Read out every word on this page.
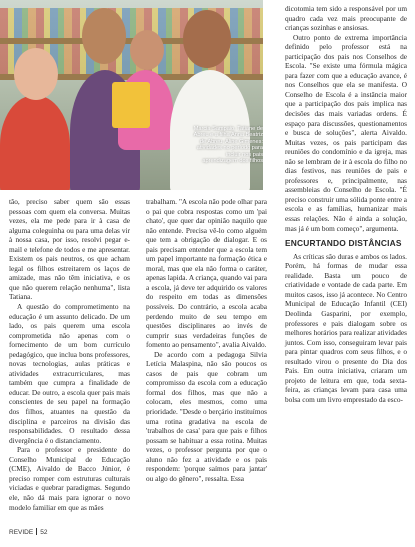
Marcia Sampaio, Tatiane de Abreu e a filha Anna Beatriz de Abreu, Aline Gimenes: atividades no período para incluir nos pais aprendizagem dos filhos

tão, preciso saber quem são essas pessoas com quem ela conversa. Muitas vezes, ela me pede para ir à casa de alguma coleguinha ou para uma delas vir à nossa casa, por isso, resolvi pegar e-mail e telefone de todos e me apresentar. Existem os pais neutros, os que acham legal os filhos estreitarem os laços de amizade, mas não têm iniciativa, e os que não querem relação nenhuma", lista Tatiana.

A questão do comprometimento na educação é um assunto delicado. De um lado, os pais querem uma escola comprometida não apenas com o fornecimento de um bom currículo pedagógico, que inclua bons professores, novas tecnologias, aulas práticas e atividades extracurriculares, mas também que cumpra a finalidade de educar. De outro, a escola quer pais mais conscientes de seu papel na formação dos filhos, atuantes na questão da disciplina e parceiros na divisão das responsabilidades. O resultado dessa divergência é o distanciamento.

Para o professor e presidente do Conselho Municipal de Educação (CME), Aivaldo de Bacco Júnior, é preciso romper com estruturas culturais viciadas e quebrar paradigmas. Segundo ele, não dá mais para ignorar o novo modelo familiar em que as mães

trabalham. "A escola não pode olhar para o pai que cobra respostas como um 'pai chato', que quer dar opinião naquilo que não entende. Precisa vê-lo como alguém que tem a obrigação de dialogar. E os pais precisam entender que a escola tem um papel importante na formação ética e moral, mas que ela não forma o caráter, apenas lapida. A criança, quando vai para a escola, já deve ter adquirido os valores do respeito em todas as dimensões possíveis. Do contrário, a escola acaba perdendo muito de seu tempo em questões disciplinares ao invés de cumprir suas verdadeiras funções de fomento ao pensamento", avalia Aivaldo.

De acordo com a pedagoga Silvia Letícia Malaspina, não são poucos os casos de pais que cobram um compromisso da escola com a educação formal dos filhos, mas que não a colocam, eles mesmos, como uma prioridade. "Desde o berçário instituímos uma rotina gradativa na escola de 'trabalhos de casa' para que pais e filhos possam se habituar a essa rotina. Muitas vezes, o professor pergunta por que o aluno não fez a atividade e os pais respondem: 'porque saímos para jantar' ou algo do gênero", ressalta. Essa

dicotomia tem sido a responsável por um quadro cada vez mais preocupante de crianças sozinhas e ansiosas.

Outro ponto de extrema importância definido pelo professor está na participação dos pais nos Conselhos de Escola. "Se existe uma fórmula mágica para fazer com que a educação avance, é nos Conselhos que ela se manifesta. O Conselho de Escola é a instância maior que a participação dos pais implica nas decisões das mais variadas ordens. É espaço para discussões, questionamentos e busca de soluções", alerta Aivaldo. Muitas vezes, os pais participam das reuniões do condomínio e da igreja, mas não se lembram de ir à escola do filho no dias festivos, nas reuniões de pais e professores e, principalmente, nas assembleias do Conselho de Escola. "É preciso construir uma sólida ponte entre a escola e as famílias, humanizar mais essas relações. Não é ainda a solução, mas já é um bom começo", argumenta.

ENCURTANDO DISTÂNCIAS

As críticas são duras e ambos os lados. Porém, há formas de mudar essa realidade. Basta um pouco de criatividade e vontade de cada parte. Em muitos casos, isso já acontece. No Centro Municipal de Educação Infantil (CEI) Deolinda Gasparini, por exemplo, professores e pais dialogam sobre os melhores horários para realizar atividades juntos. Com isso, conseguiram levar pais para pintar quadros com seus filhos, e o resultado virou o presente do Dia dos Pais. Em outra iniciativa, criaram um projeto de leitura em que, toda sexta-feira, as crianças levam para casa uma bolsa com um livro emprestado da esco-

REVIDE 52
